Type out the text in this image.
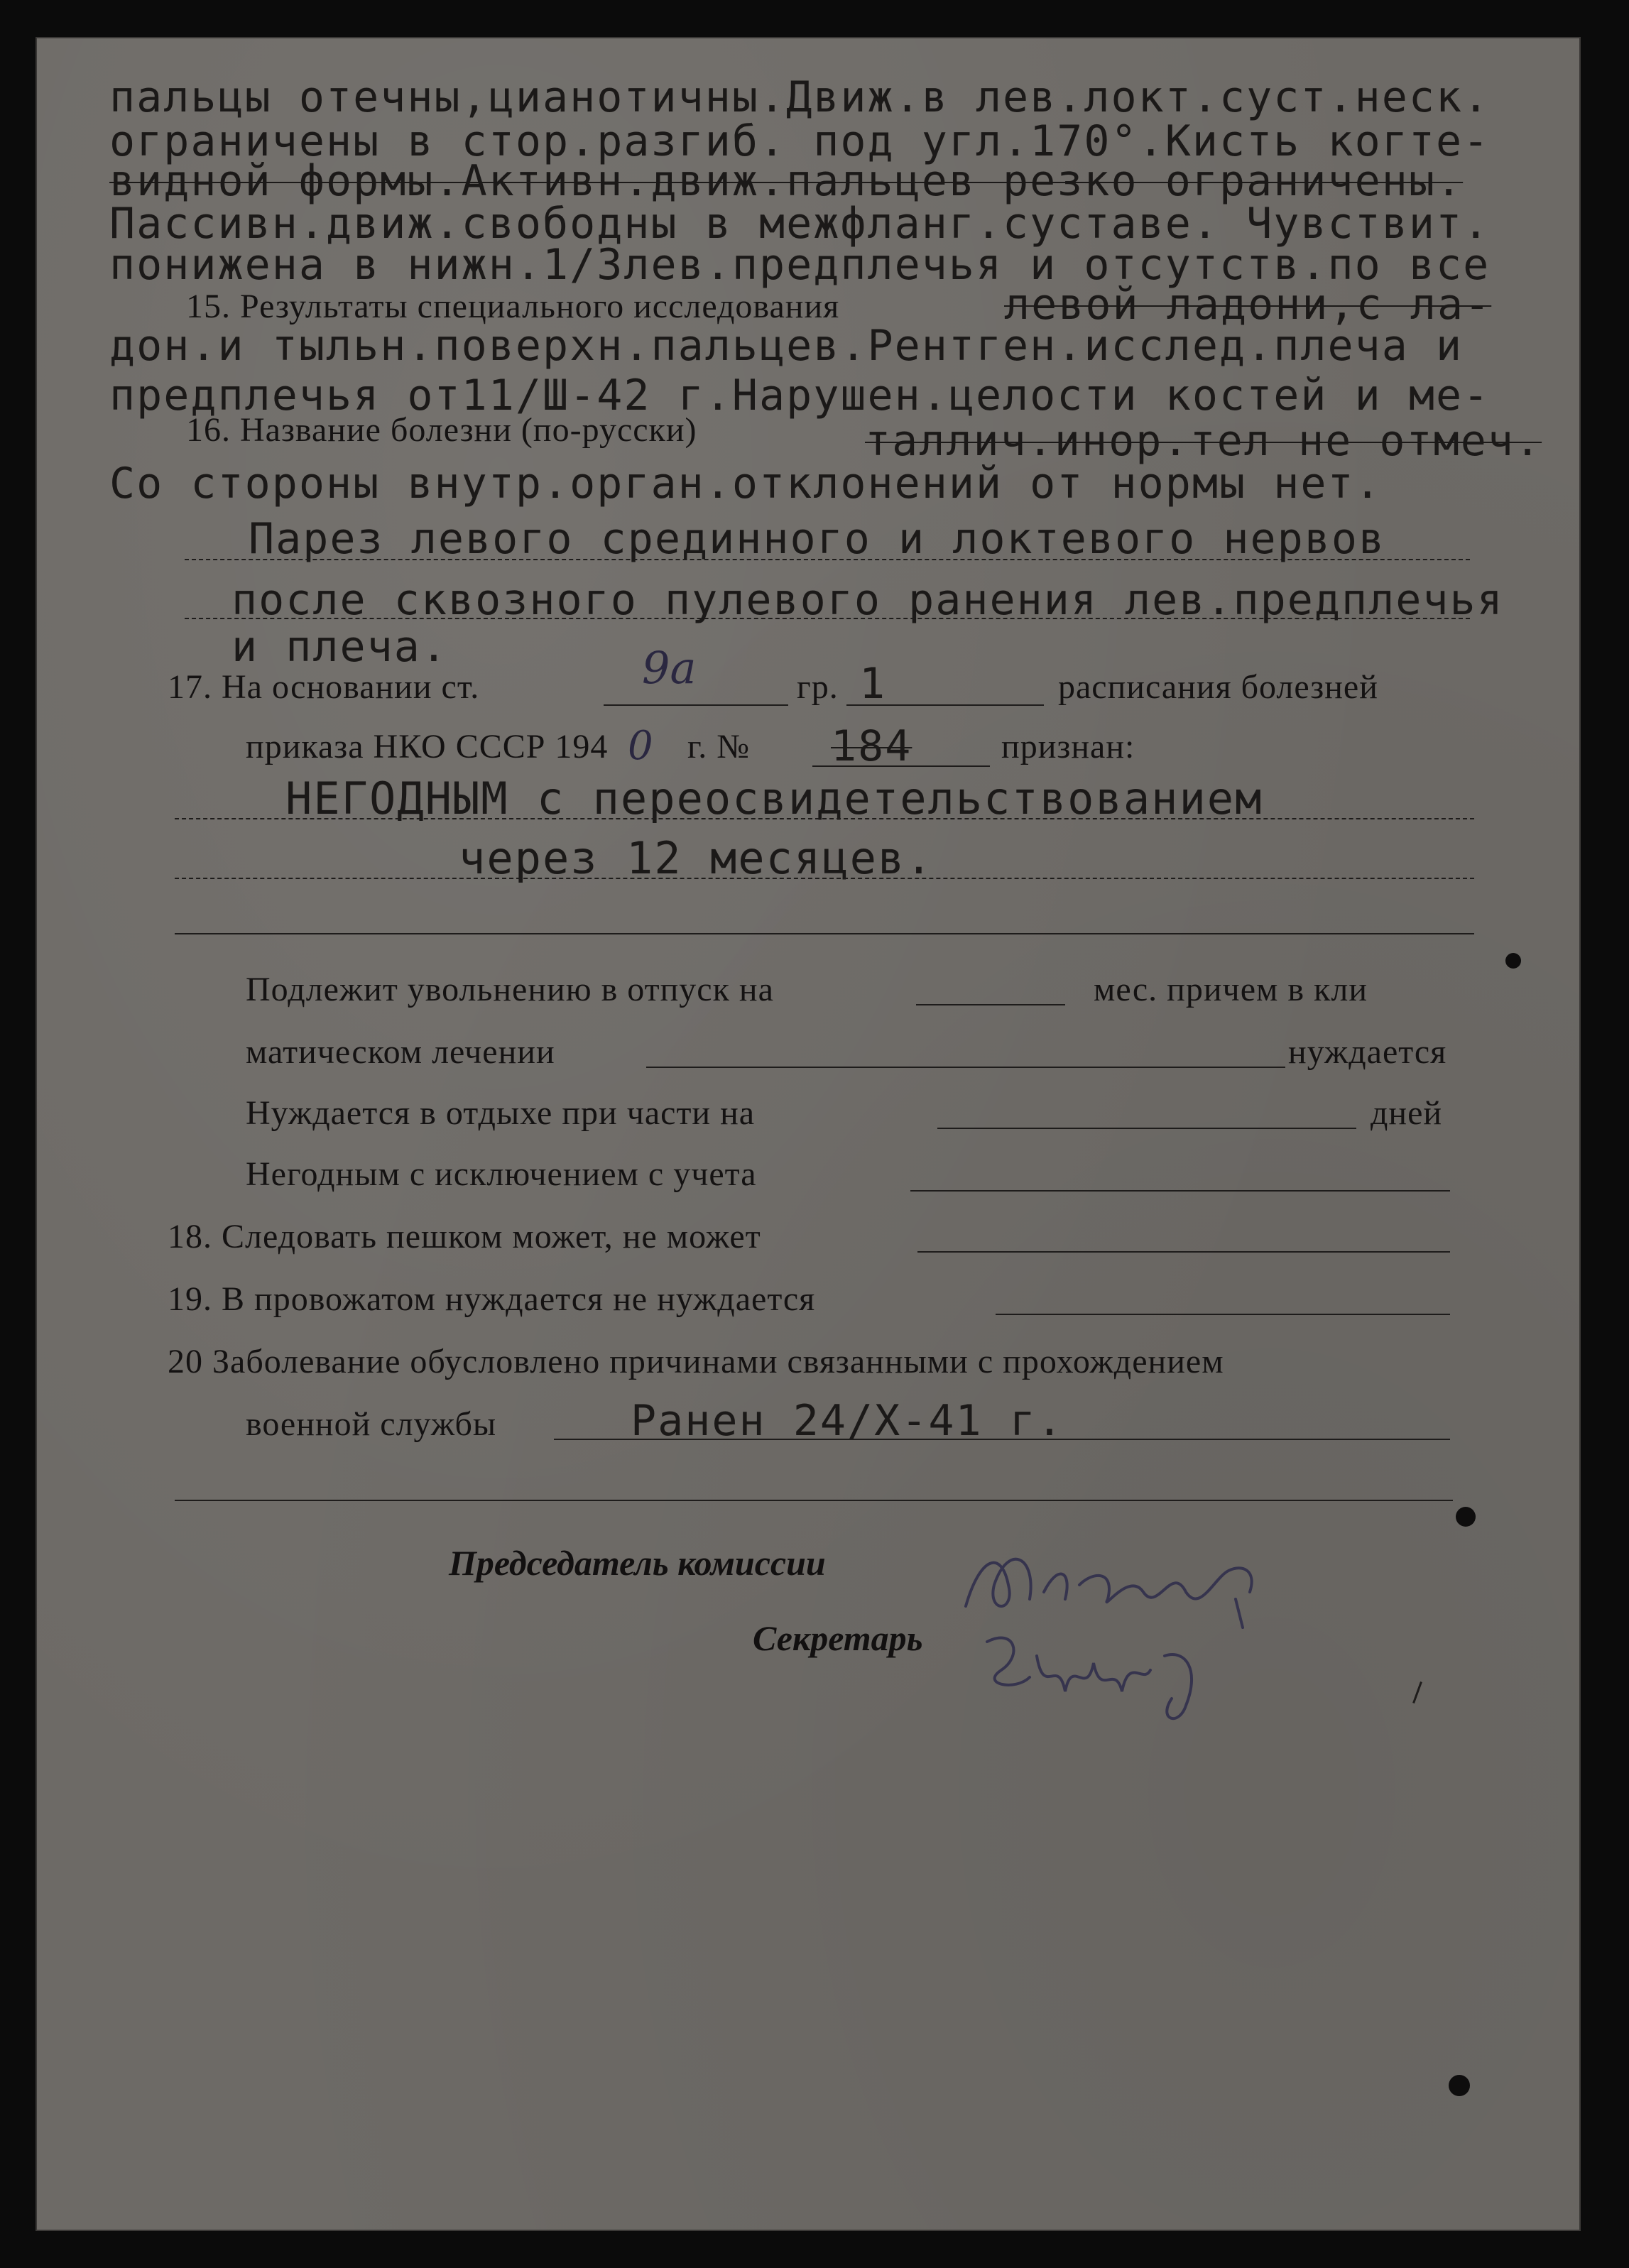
пальцы отечны,цианотичны.Движ.в лев.локт.суст.неск.
ограничены в стор.разгиб. под угл.170°.Кисть когте-
видной формы.Активн.движ.пальцев резко ограничены.
Пассивн.движ.свободны в межфланг.суставе. Чувствит.
понижена в нижн.1/3лев.предплечья и отсутств.по все
15. Результаты специального исследования	левой ладони,с ла-
дон.и тыльн.поверхн.пальцев.Рентген.исслед.плеча и
предплечья от11/Ш-42 г.Нарушен.целости костей и ме-
16. Название болезни (по-русски)	таллич.инор.тел не отмеч.
Со стороны внутр.орган.отклонений от нормы нет.
Парез левого срединного и локтевого нервов
после сквозного пулевого ранения лев.предплечья
и плеча.
17. На основании ст.	9а	гр. 1	расписания болезней
приказа НКО СССР 194 0 г. № 184	признан:
НЕГОДНЫМ с переосвидетельствованием
через 12 месяцев.
Подлежит увольнению в отпуск на	мес. причем в кли
матическом лечении	нуждается
Нуждается в отдыхе при части на	дней
Негодным с исключением с учета
18. Следовать пешком может, не может
19. В провожатом нуждается не нуждается
20 Заболевание обусловлено причинами связанными с прохождением
военной службы	Ранен 24/Х-41 г.
Председатель комиссии
Секретарь
